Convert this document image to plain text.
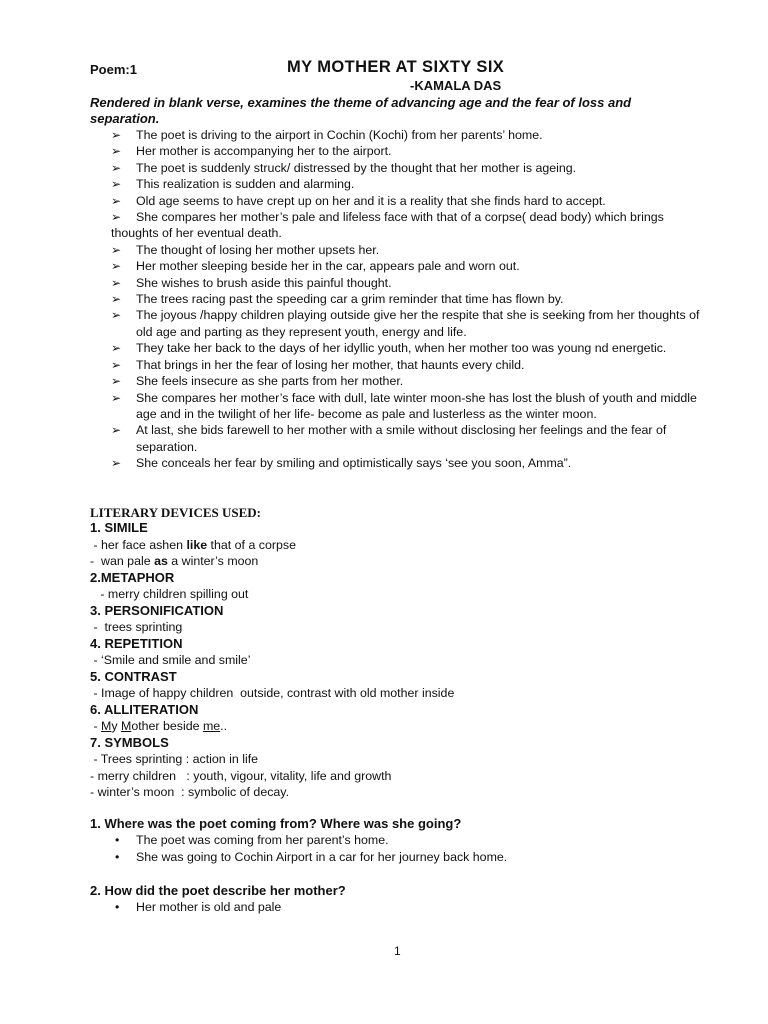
Poem:1	MY MOTHER AT SIXTY SIX
-KAMALA DAS
Rendered in blank verse, examines the theme of advancing age and the fear of loss and separation.
➢ The poet is driving to the airport in Cochin (Kochi) from her parents’ home.
➢ Her mother is accompanying her to the airport.
➢ The poet is suddenly struck/ distressed by the thought that her mother is ageing.
➢ This realization is sudden and alarming.
➢ Old age seems to have crept up on her and it is a reality that she finds hard to accept.
➢ She compares her mother’s pale and lifeless face with that of a corpse( dead body) which brings thoughts of her eventual death.
➢ The thought of losing her mother upsets her.
➢ Her mother sleeping beside her in the car, appears pale and worn out.
➢ She wishes to brush aside this painful thought.
➢ The trees racing past the speeding car a grim reminder that time has flown by.
➢ The joyous /happy children playing outside give her the respite that she is seeking from her thoughts of old age and parting as they represent youth, energy and life.
➢ They take her back to the days of her idyllic youth, when her mother too was young nd energetic.
➢ That brings in her the fear of losing her mother, that haunts every child.
➢ She feels insecure as she parts from her mother.
➢ She compares her mother’s face with dull, late winter moon-she has lost the blush of youth and middle age and in the twilight of her life- become as pale and lusterless as the winter moon.
➢ At last, she bids farewell to her mother with a smile without disclosing her feelings and the fear of separation.
➢ She conceals her fear by smiling and optimistically says ‘see you soon, Amma”.
LITERARY DEVICES USED:
1. SIMILE
- her face ashen like that of a corpse
-  wan pale as a winter’s moon
2.METAPHOR
- merry children spilling out
3. PERSONIFICATION
-  trees sprinting
4. REPETITION
- ‘Smile and smile and smile’
5. CONTRAST
- Image of happy children  outside, contrast with old mother inside
6. ALLITERATION
- My Mother beside me..
7. SYMBOLS
- Trees sprinting : action in life
- merry children   : youth, vigour, vitality, life and growth
- winter’s moon  : symbolic of decay.
1. Where was the poet coming from? Where was she going?
• The poet was coming from her parent’s home.
• She was going to Cochin Airport in a car for her journey back home.
2. How did the poet describe her mother?
• Her mother is old and pale
1
